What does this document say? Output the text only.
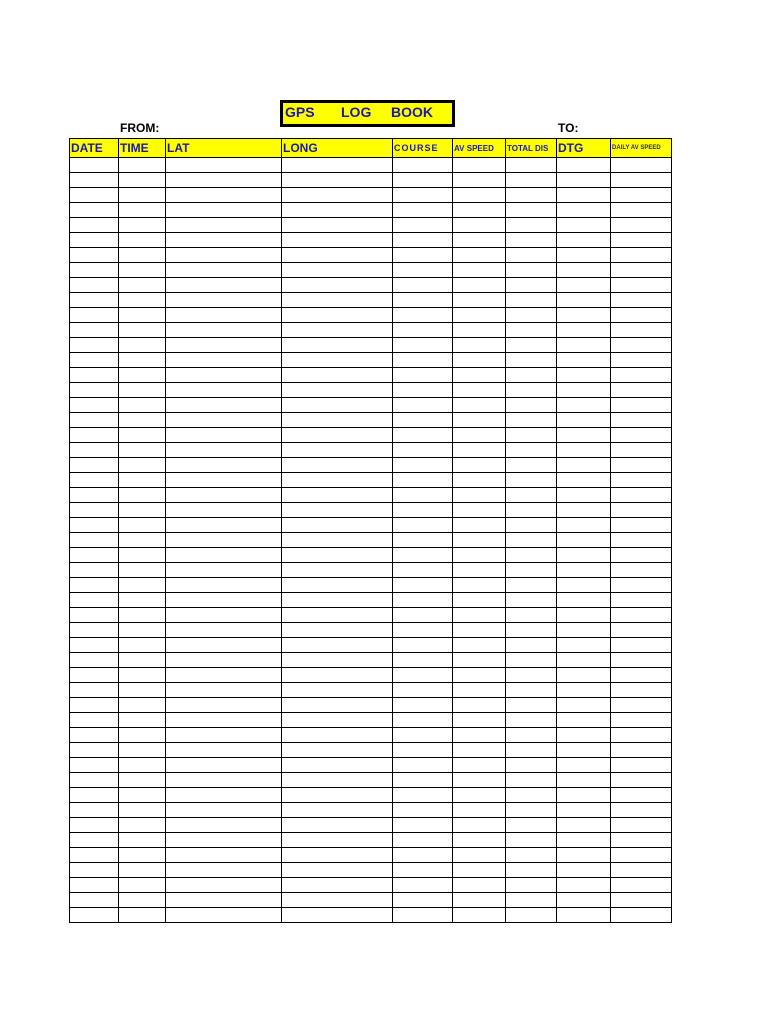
GPS LOG BOOK
FROM:	TO:
DATE	TIME	LAT	LONG	COURSE	AV SPEED	TOTAL DIS	DTG	DAILY AV SPEED
